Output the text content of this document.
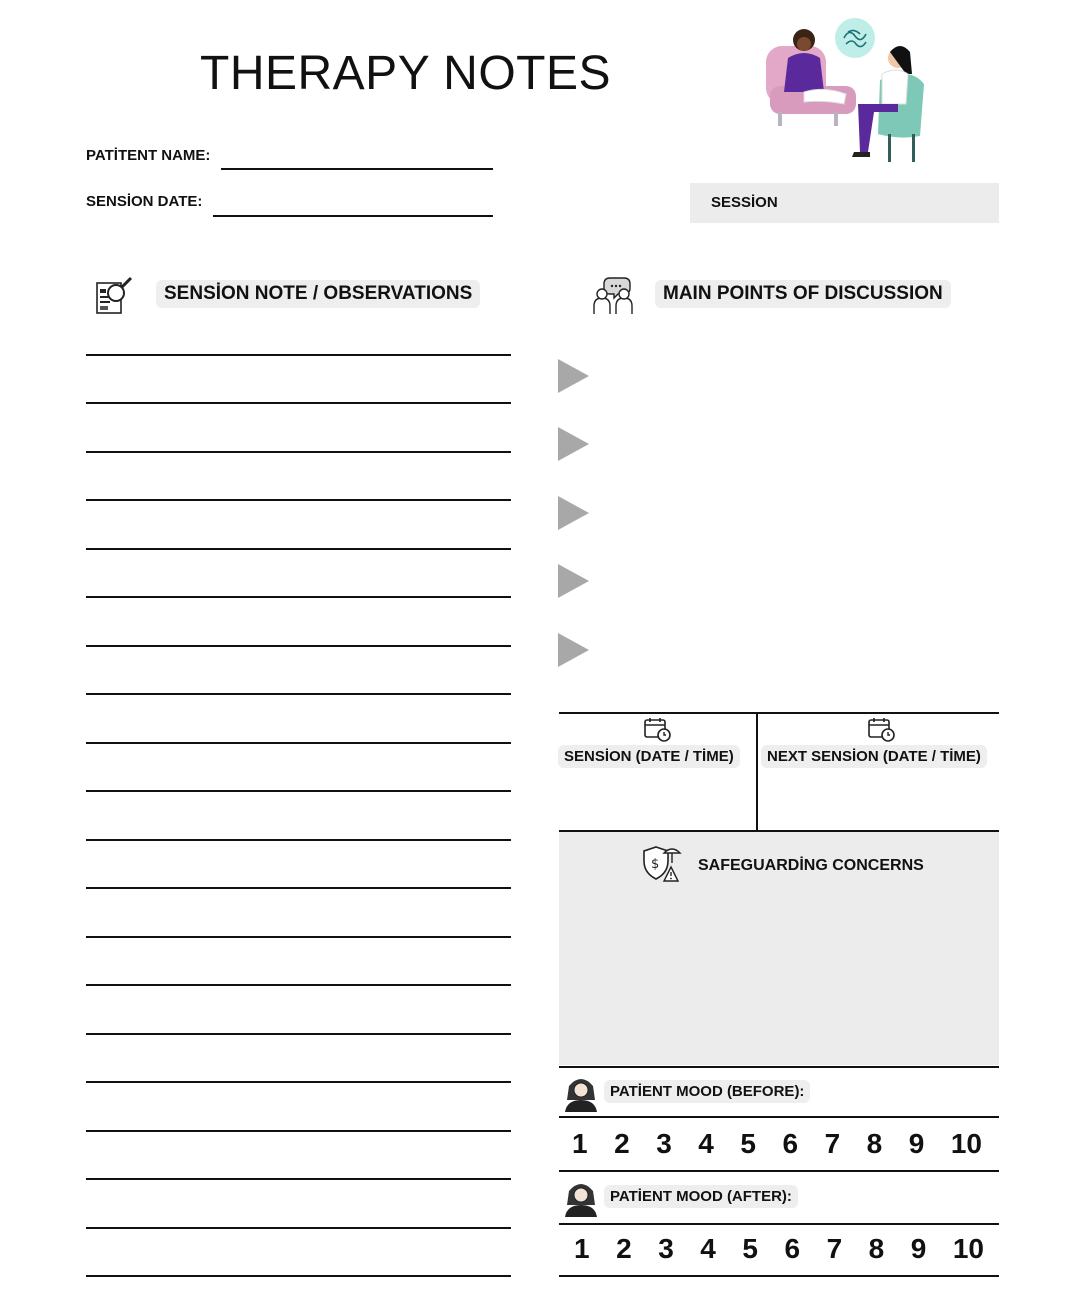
THERAPY NOTES
PATİTENT NAME:
SENSİON DATE:	SESSİON
SENSİON NOTE / OBSERVATIONS	MAIN POINTS OF DISCUSSION
SENSİON (DATE / TİME)	NEXT SENSİON (DATE / TİME)
$ SAFEGUARDİNG CONCERNS
PATİENT MOOD (BEFORE):
1 2 3 4 5 6 7 8 9 10
PATİENT MOOD (AFTER):
1 2 3 4 5 6 7 8 9 10
